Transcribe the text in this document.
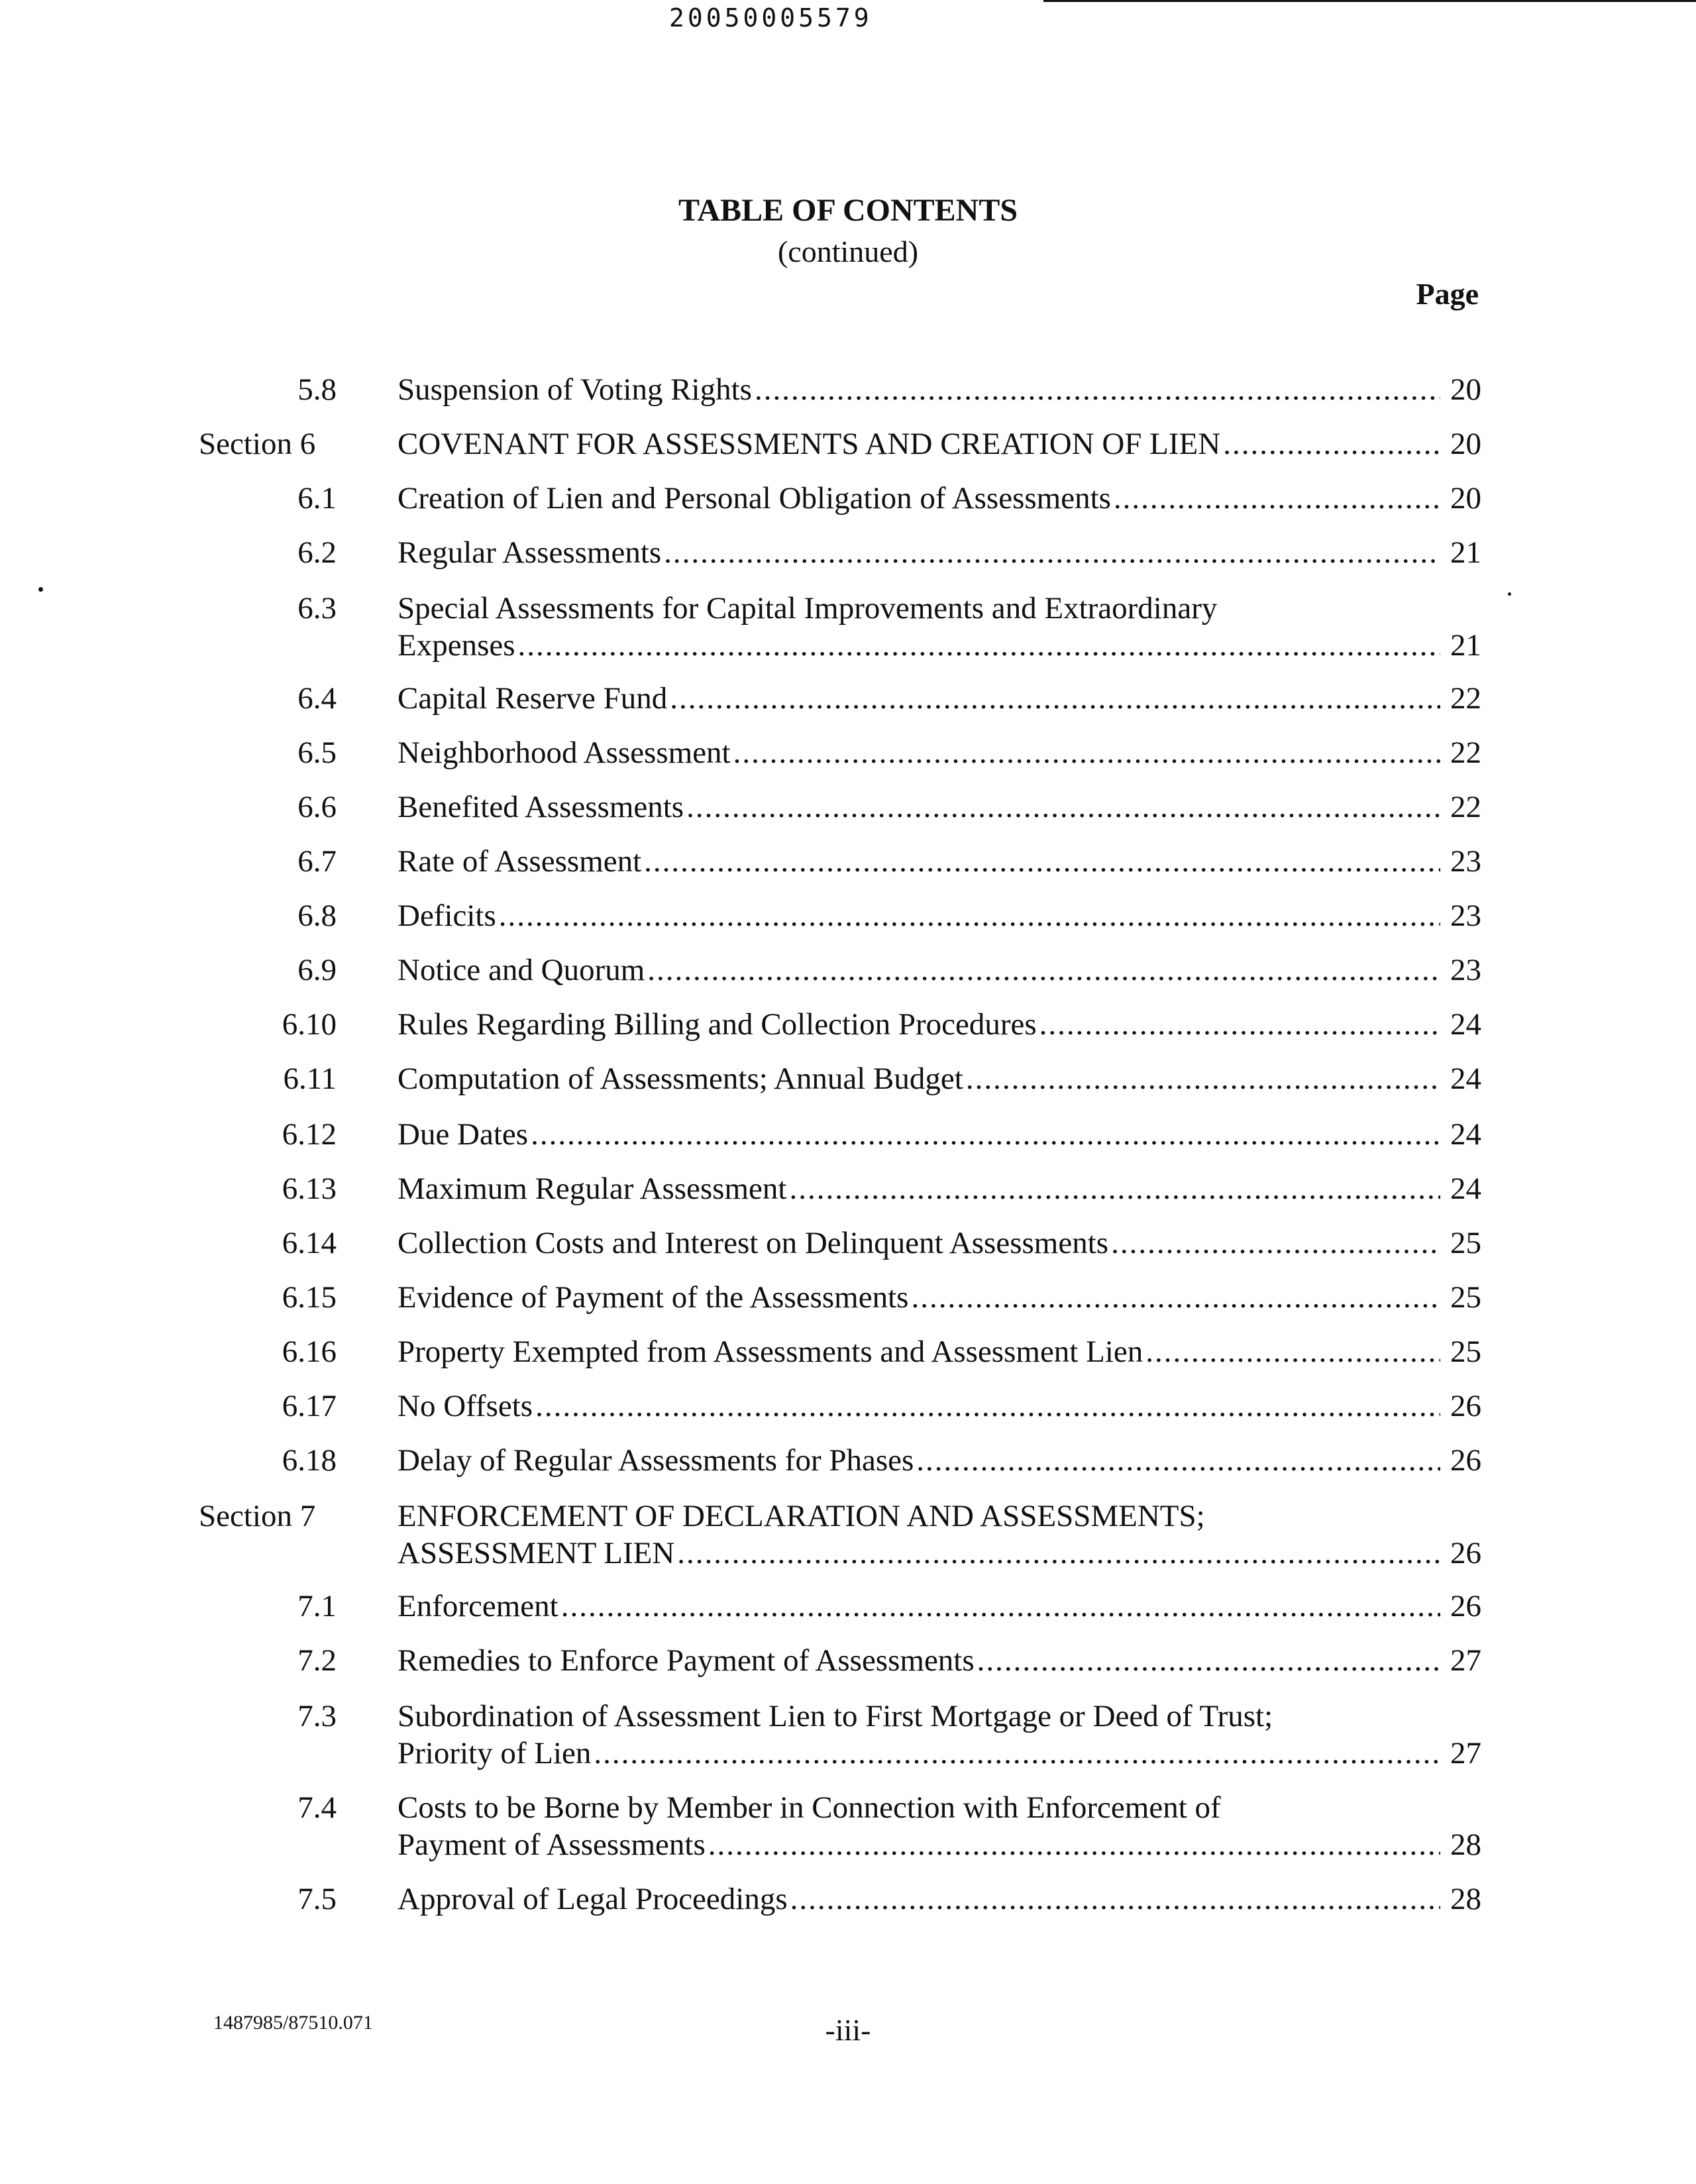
20050005579
TABLE OF CONTENTS
(continued)
Page
5.8 Suspension of Voting Rights .....	20
Section 6	COVENANT FOR ASSESSMENTS AND CREATION OF LIEN .....	20
6.1 Creation of Lien and Personal Obligation of Assessments .....	20
6.2 Regular Assessments .....	21
6.3 Special Assessments for Capital Improvements and Extraordinary
Expenses .....	21
6.4 Capital Reserve Fund .....	22
6.5 Neighborhood Assessment .....	22
6.6 Benefited Assessments .....	22
6.7 Rate of Assessment .....	23
6.8 Deficits .....	23
6.9 Notice and Quorum .....	23
6.10 Rules Regarding Billing and Collection Procedures .....	24
6.11 Computation of Assessments; Annual Budget .....	24
6.12 Due Dates .....	24
6.13 Maximum Regular Assessment .....	24
6.14 Collection Costs and Interest on Delinquent Assessments .....	25
6.15 Evidence of Payment of the Assessments .....	25
6.16 Property Exempted from Assessments and Assessment Lien .....	25
6.17 No Offsets .....	26
6.18 Delay of Regular Assessments for Phases .....	26
Section 7	ENFORCEMENT OF DECLARATION AND ASSESSMENTS;
ASSESSMENT LIEN .....	26
7.1 Enforcement .....	26
7.2 Remedies to Enforce Payment of Assessments .....	27
7.3 Subordination of Assessment Lien to First Mortgage or Deed of Trust;
Priority of Lien .....	27
7.4 Costs to be Borne by Member in Connection with Enforcement of
Payment of Assessments .....	28
7.5 Approval of Legal Proceedings .....	28
1487985/87510.071	-iii-
